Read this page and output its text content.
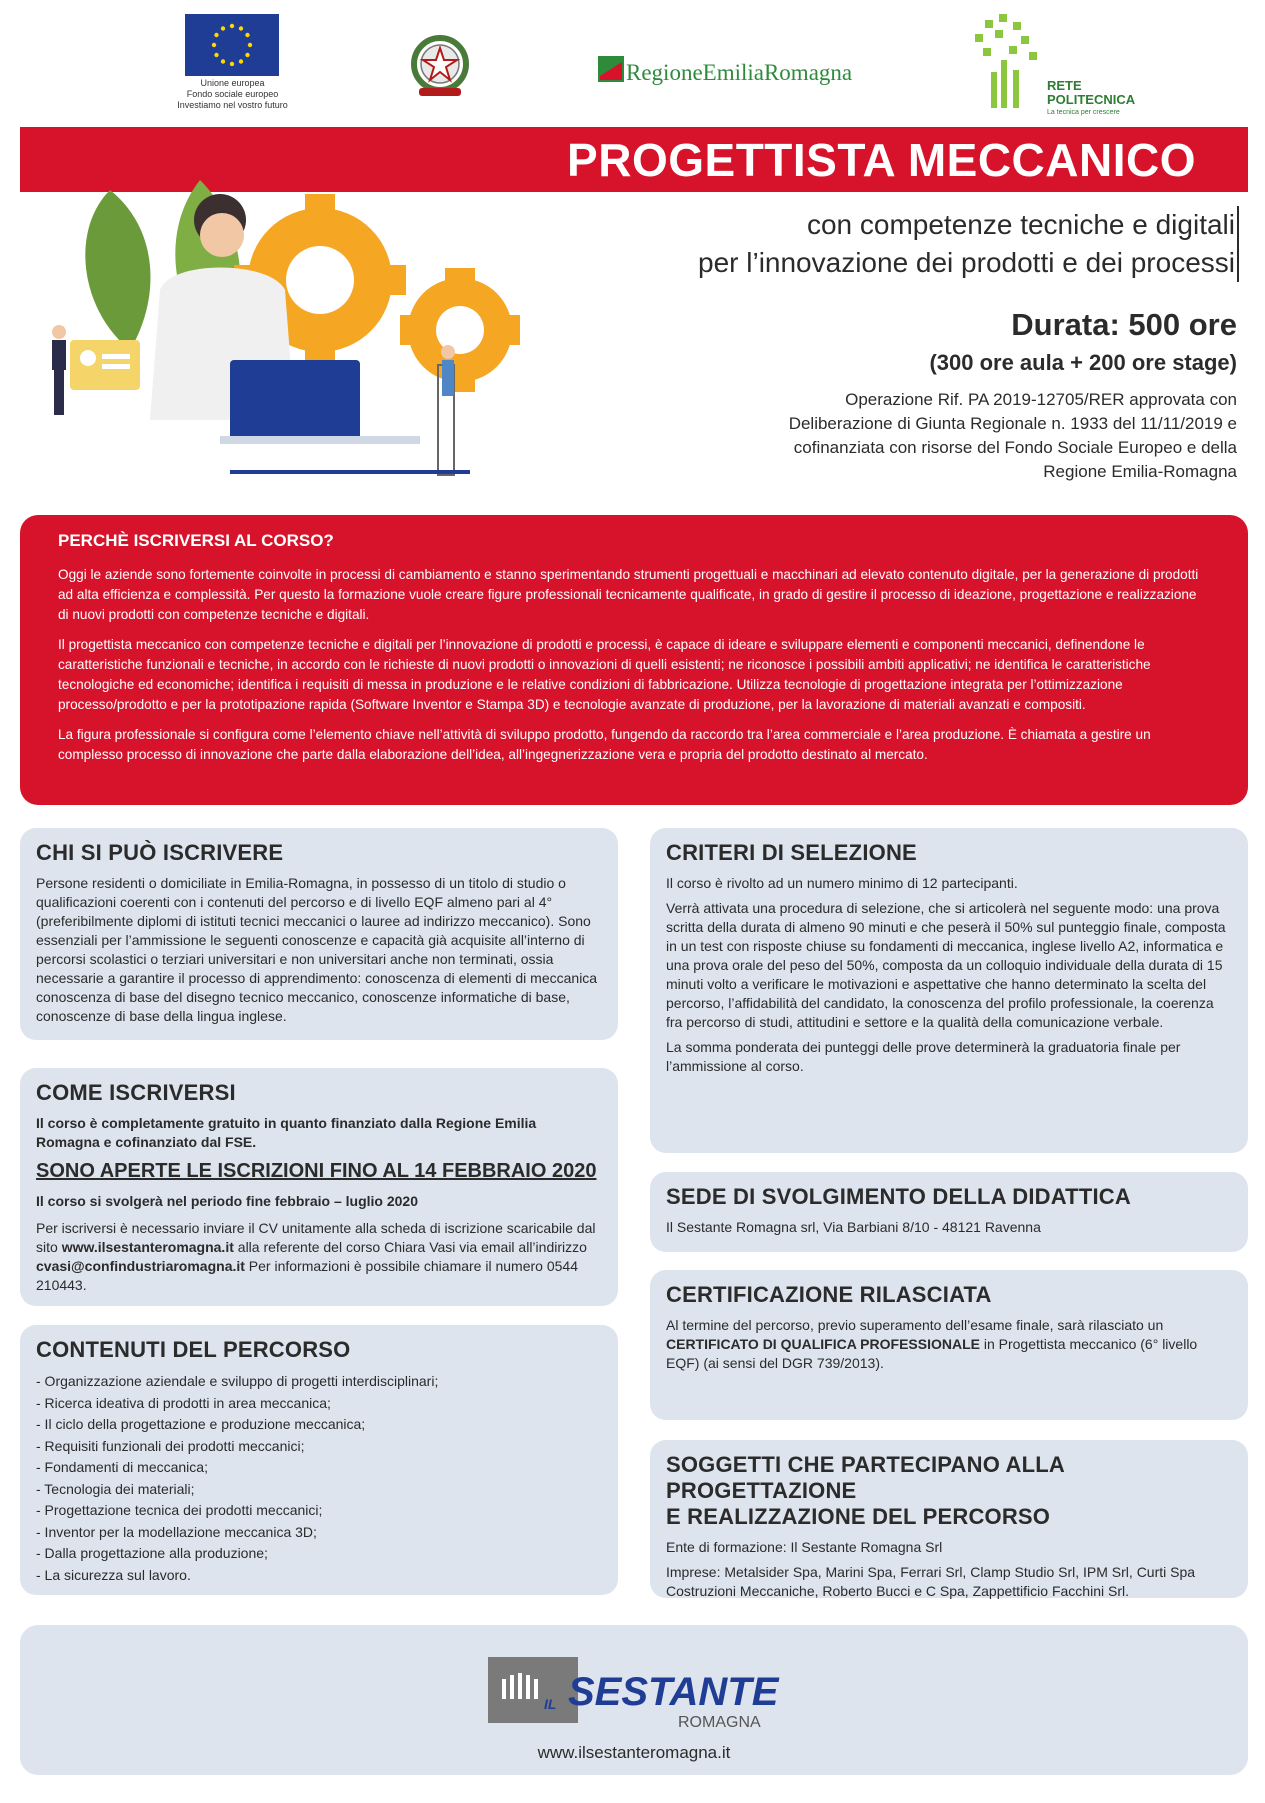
Unione europea
Fondo sociale europeo
Investiamo nel vostro futuro
RegioneEmiliaRomagna
RETE
POLITECNICA
La tecnica per crescere
PROGETTISTA MECCANICO
con competenze tecniche e digitali
per l’innovazione dei prodotti e dei processi
Durata: 500 ore
(300 ore aula + 200 ore stage)
Operazione Rif. PA 2019-12705/RER approvata con Deliberazione di Giunta Regionale n. 1933 del 11/11/2019 e cofinanziata con risorse del Fondo Sociale Europeo e della Regione Emilia-Romagna
PERCHÈ ISCRIVERSI AL CORSO?

Oggi le aziende sono fortemente coinvolte in processi di cambiamento e stanno sperimentando strumenti progettuali e macchinari ad elevato contenuto digitale, per la generazione di prodotti ad alta efficienza e complessità. Per questo la formazione vuole creare figure professionali tecnicamente qualificate, in grado di gestire il processo di ideazione, progettazione e realizzazione di nuovi prodotti con competenze tecniche e digitali.

Il progettista meccanico con competenze tecniche e digitali per l’innovazione di prodotti e processi, è capace di ideare e sviluppare elementi e componenti meccanici, definendone le caratteristiche funzionali e tecniche, in accordo con le richieste di nuovi prodotti o innovazioni di quelli esistenti; ne riconosce i possibili ambiti applicativi; ne identifica le caratteristiche tecnologiche ed economiche; identifica i requisiti di messa in produzione e le relative condizioni di fabbricazione. Utilizza tecnologie di progettazione integrata per l’ottimizzazione processo/prodotto e per la prototipazione rapida (Software Inventor e Stampa 3D) e tecnologie avanzate di produzione, per la lavorazione di materiali avanzati e compositi.

La figura professionale si configura come l’elemento chiave nell’attività di sviluppo prodotto, fungendo da raccordo tra l’area commerciale e l’area produzione. È chiamata a gestire un complesso processo di innovazione che parte dalla elaborazione dell’idea, all’ingegnerizzazione vera e propria del prodotto destinato al mercato.

CHI SI PUÒ ISCRIVERE

Persone residenti o domiciliate in Emilia-Romagna, in possesso di un titolo di studio o qualificazioni coerenti con i contenuti del percorso e di livello EQF almeno pari al 4° (preferibilmente diplomi di istituti tecnici meccanici o lauree ad indirizzo meccanico). Sono essenziali per l’ammissione le seguenti conoscenze e capacità già acquisite all’interno di percorsi scolastici o terziari universitari e non universitari anche non terminati, ossia necessarie a garantire il processo di apprendimento: conoscenza di elementi di meccanica conoscenza di base del disegno tecnico meccanico, conoscenze informatiche di base, conoscenze di base della lingua inglese.

COME ISCRIVERSI

Il corso è completamente gratuito in quanto finanziato dalla Regione Emilia Romagna e cofinanziato dal FSE.

SONO APERTE LE ISCRIZIONI FINO AL 14 FEBBRAIO 2020
Il corso si svolgerà nel periodo fine febbraio – luglio 2020

Per iscriversi è necessario inviare il CV unitamente alla scheda di iscrizione scaricabile dal sito www.ilsestanteromagna.it alla referente del corso Chiara Vasi via email all’indirizzo cvasi@confindustriaromagna.it Per informazioni è possibile chiamare il numero 0544 210443.

CONTENUTI DEL PERCORSO
- Organizzazione aziendale e sviluppo di progetti interdisciplinari;
- Ricerca ideativa di prodotti in area meccanica;
- Il ciclo della progettazione e produzione meccanica;
- Requisiti funzionali dei prodotti meccanici;
- Fondamenti di meccanica;
- Tecnologia dei materiali;
- Progettazione tecnica dei prodotti meccanici;
- Inventor per la modellazione meccanica 3D;
- Dalla progettazione alla produzione;
- La sicurezza sul lavoro.
CRITERI DI SELEZIONE

Il corso è rivolto ad un numero minimo di 12 partecipanti.

Verrà attivata una procedura di selezione, che si articolerà nel seguente modo: una prova scritta della durata di almeno 90 minuti e che peserà il 50% sul punteggio finale, composta in un test con risposte chiuse su fondamenti di meccanica, inglese livello A2, informatica e una prova orale del peso del 50%, composta da un colloquio individuale della durata di 15 minuti volto a verificare le motivazioni e aspettative che hanno determinato la scelta del percorso, l’affidabilità del candidato, la conoscenza del profilo professionale, la coerenza fra percorso di studi, attitudini e settore e la qualità della comunicazione verbale.

La somma ponderata dei punteggi delle prove determinerà la graduatoria finale per l’ammissione al corso.

SEDE DI SVOLGIMENTO DELLA DIDATTICA

Il Sestante Romagna srl, Via Barbiani 8/10 - 48121 Ravenna

CERTIFICAZIONE RILASCIATA

Al termine del percorso, previo superamento dell’esame finale, sarà rilasciato un CERTIFICATO DI QUALIFICA PROFESSIONALE in Progettista meccanico (6° livello EQF) (ai sensi del DGR 739/2013).

SOGGETTI CHE PARTECIPANO ALLA PROGETTAZIONE
E REALIZZAZIONE DEL PERCORSO

Ente di formazione: Il Sestante Romagna Srl

Imprese: Metalsider Spa, Marini Spa, Ferrari Srl, Clamp Studio Srl, IPM Srl, Curti Spa Costruzioni Meccaniche, Roberto Bucci e C Spa, Zappettificio Facchini Srl.

IL SESTANTE
ROMAGNA
www.ilsestanteromagna.it
